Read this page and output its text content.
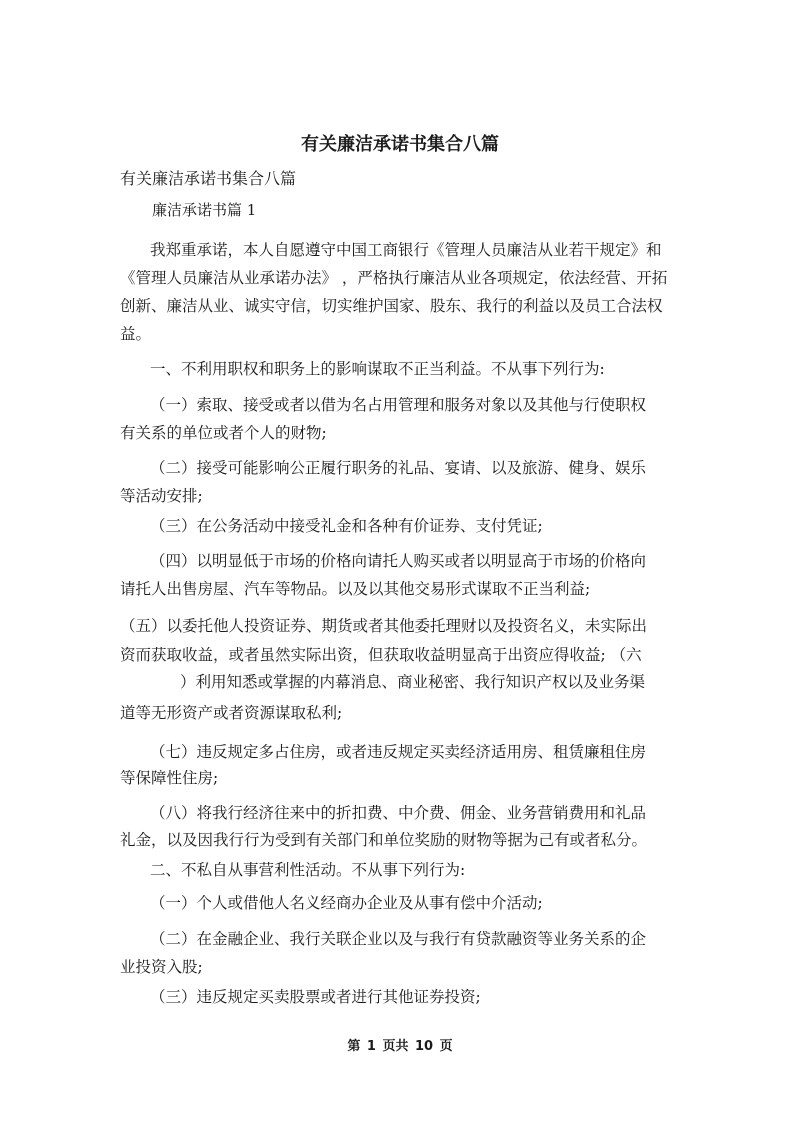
有关廉洁承诺书集合八篇
有关廉洁承诺书集合八篇
廉洁承诺书篇 1

我郑重承诺，本人自愿遵守中国工商银行《管理人员廉洁从业若干规定》和

《管理人员廉洁从业承诺办法》 ，严格执行廉洁从业各项规定，依法经营、开拓

创新、廉洁从业、诚实守信，切实维护国家、股东、我行的利益以及员工合法权

益。

一、不利用职权和职务上的影响谋取不正当利益。不从事下列行为:

（一）索取、接受或者以借为名占用管理和服务对象以及其他与行使职权

有关系的单位或者个人的财物;

（二）接受可能影响公正履行职务的礼品、宴请、以及旅游、健身、娱乐

等活动安排;

（三）在公务活动中接受礼金和各种有价证券、支付凭证;

（四）以明显低于市场的价格向请托人购买或者以明显高于市场的价格向

请托人出售房屋、汽车等物品。以及以其他交易形式谋取不正当利益;

（五）以委托他人投资证券、期货或者其他委托理财以及投资名义，未实际出

资而获取收益，或者虽然实际出资，但获取收益明显高于出资应得收益; （六

）利用知悉或掌握的内幕消息、商业秘密、我行知识产权以及业务渠

道等无形资产或者资源谋取私利;

（七）违反规定多占住房，或者违反规定买卖经济适用房、租赁廉租住房

等保障性住房;

（八）将我行经济往来中的折扣费、中介费、佣金、业务营销费用和礼品

礼金，以及因我行行为受到有关部门和单位奖励的财物等据为己有或者私分。

二、不私自从事营利性活动。不从事下列行为:

（一）个人或借他人名义经商办企业及从事有偿中介活动;

（二）在金融企业、我行关联企业以及与我行有贷款融资等业务关系的企

业投资入股;

（三）违反规定买卖股票或者进行其他证券投资;

第 1 页共 10 页
